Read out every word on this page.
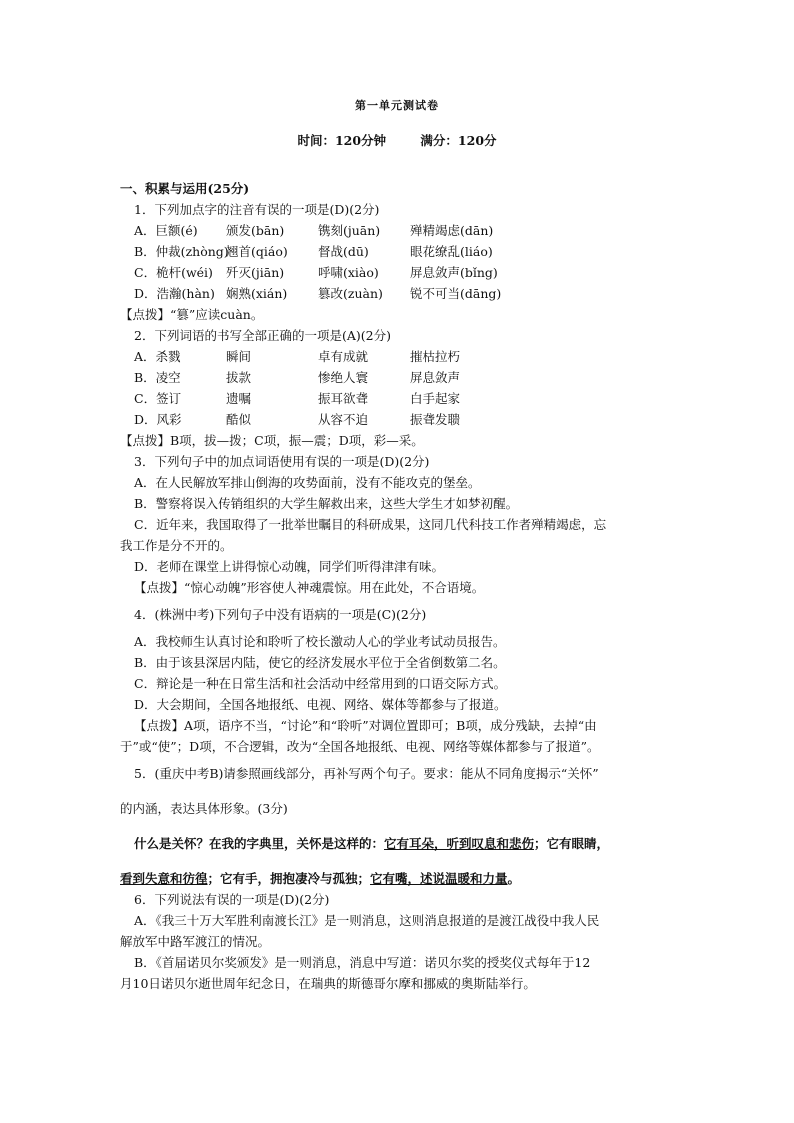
第一单元测试卷
时间：120分钟	满分：120分
一、积累与运用(25分)
1．下列加点字的注音有误的一项是(D)(2分)
A．巨额(é) 颁发(bān)	镌刻(juān) 殚精竭虑(dān)
B．仲裁(zhòng)翘首(qiáo) 督战(dū)	眼花缭乱(liáo)
C．桅杆(wéi) 歼灭(jiān)	呼啸(xiào) 屏息敛声(bǐng)
D．浩瀚(hàn) 娴熟(xián) 篡改(zuàn) 锐不可当(dāng)
【点拨】“篡”应读cuàn。
2．下列词语的书写全部正确的一项是(A)(2分)
A．杀戮	瞬间	卓有成就	摧枯拉朽
B．凌空	拔款	惨绝人寰	屏息敛声
C．签订	遗嘱	振耳欲聋	白手起家
D．风彩	酷似	从容不迫	振聋发聩
【点拨】B项，拔—拨；C项，振—震；D项，彩—采。
3．下列句子中的加点词语使用有误的一项是(D)(2分)
A．在人民解放军排山倒海的攻势面前，没有不能攻克的堡垒。
B．警察将误入传销组织的大学生解救出来，这些大学生才如梦初醒。
C．近年来，我国取得了一批举世瞩目的科研成果，这同几代科技工作者殚精竭虑，忘
我工作是分不开的。
D．老师在课堂上讲得惊心动魄，同学们听得津津有味。
【点拨】“惊心动魄”形容使人神魂震惊。用在此处，不合语境。
4．(株洲中考)下列句子中没有语病的一项是(C)(2分)
A．我校师生认真讨论和聆听了校长激动人心的学业考试动员报告。
B．由于该县深居内陆，使它的经济发展水平位于全省倒数第二名。
C．辩论是一种在日常生活和社会活动中经常用到的口语交际方式。
D．大会期间，全国各地报纸、电视、网络、媒体等都参与了报道。
【点拨】A项，语序不当，“讨论”和“聆听”对调位置即可；B项，成分残缺，去掉“由
于”或“使”；D项，不合逻辑，改为“全国各地报纸、电视、网络等媒体都参与了报道”。
5．(重庆中考B)请参照画线部分，再补写两个句子。要求：能从不同角度揭示“关怀”
的内涵，表达具体形象。(3分)
什么是关怀？在我的字典里，关怀是这样的：它有耳朵，听到叹息和悲伤；它有眼睛，
看到失意和彷徨；它有手，拥抱凄冷与孤独；它有嘴，述说温暖和力量。
6．下列说法有误的一项是(D)(2分)
A．《我三十万大军胜利南渡长江》是一则消息，这则消息报道的是渡江战役中我人民
解放军中路军渡江的情况。
B．《首届诺贝尔奖颁发》是一则消息，消息中写道：诺贝尔奖的授奖仪式每年于12
月10日诺贝尔逝世周年纪念日，在瑞典的斯德哥尔摩和挪威的奥斯陆举行。
